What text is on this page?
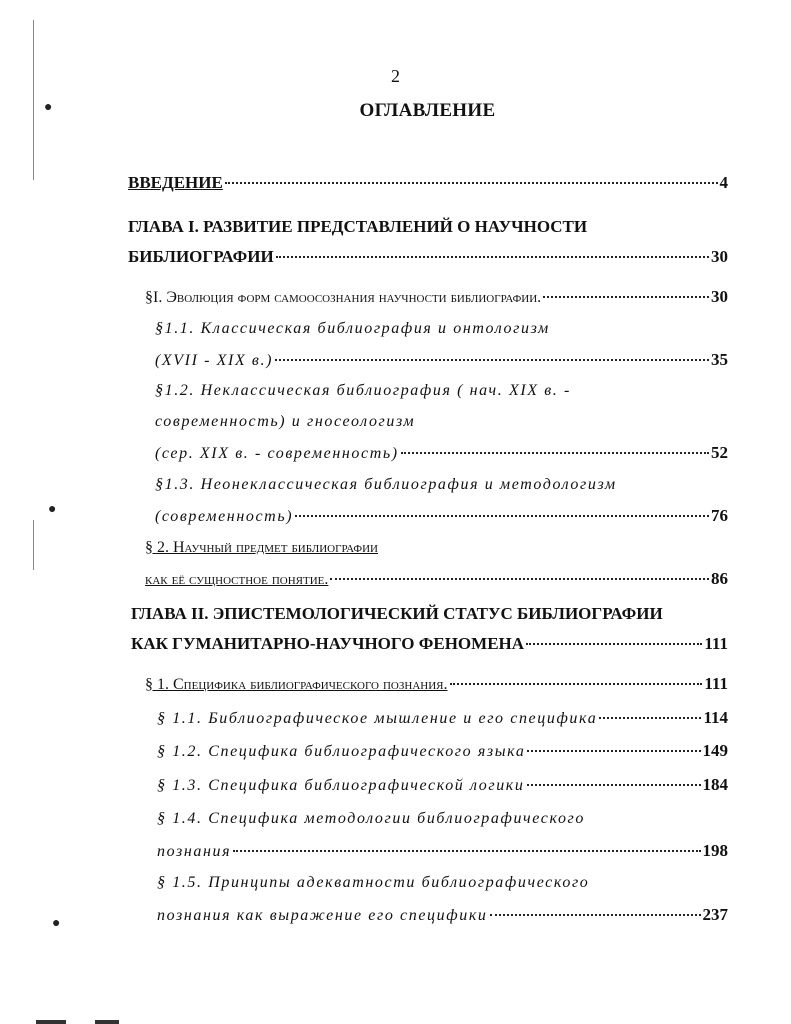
●
●
●
2
ОГЛАВЛЕНИЕ
ВВЕДЕНИЕ	4
ГЛАВА I. РАЗВИТИЕ ПРЕДСТАВЛЕНИЙ О НАУЧНОСТИ
БИБЛИОГРАФИИ	30
§I. Эволюция форм самоосознания научности библиографии.	30
§1.1. Классическая библиография и онтологизм
(XVII - XIX в.)	35
§1.2. Неклассическая библиография ( нач. XIX в. -
современность) и гносеологизм
(сер. XIX в. - современность)	52
§1.3. Неонеклассическая библиография и методологизм
(современность)	76
§ 2. Научный предмет библиографии
как её сущностное понятие.	86
ГЛАВА II. ЭПИСТЕМОЛОГИЧЕСКИЙ СТАТУС БИБЛИОГРАФИИ
КАК ГУМАНИТАРНО-НАУЧНОГО ФЕНОМЕНА	111
§ 1. Специфика библиографического познания.	111
§ 1.1. Библиографическое мышление и его специфика	114
§ 1.2. Специфика библиографического языка	149
§ 1.3. Специфика библиографической логики	184
§ 1.4. Специфика методологии библиографического
познания	198
§ 1.5. Принципы адекватности библиографического
познания как выражение его специфики	237
